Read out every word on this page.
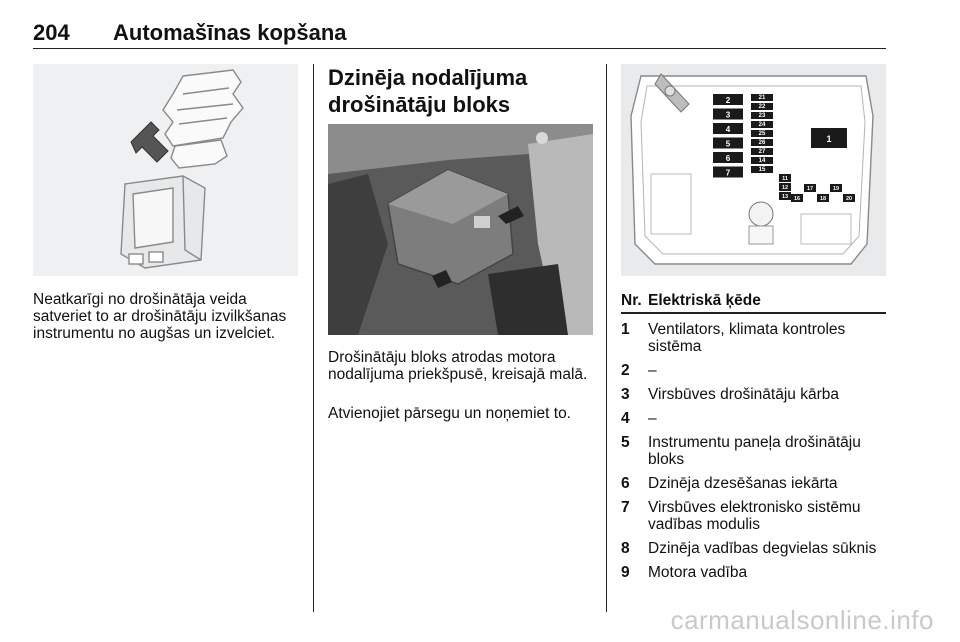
204 Automašīnas kopšana

Neatkarīgi no drošinātāja veida satveriet to ar drošinātāju izvilkšanas instrumentu no augšas un izvelciet.

Dzinēja nodalījuma drošinātāju bloks

Drošinātāju bloks atrodas motora nodalījuma priekšpusē, kreisajā malā.

Atvienojiet pārsegu un noņemiet to.

2
3
4
5
6
7
21
22
23
24
25
26
27
14
15
11
12
13 16
17
18
19
20
1
Nr. Elektriskā ķēde
1 Ventilators, klimata kontroles sistēma
2 –
3 Virsbūves drošinātāju kārba
4 –
5 Instrumentu paneļa drošinātāju bloks
6 Dzinēja dzesēšanas iekārta
7 Virsbūves elektronisko sistēmu vadības modulis
8 Dzinēja vadības degvielas sūknis
9 Motora vadība
carmanualsonline.info
